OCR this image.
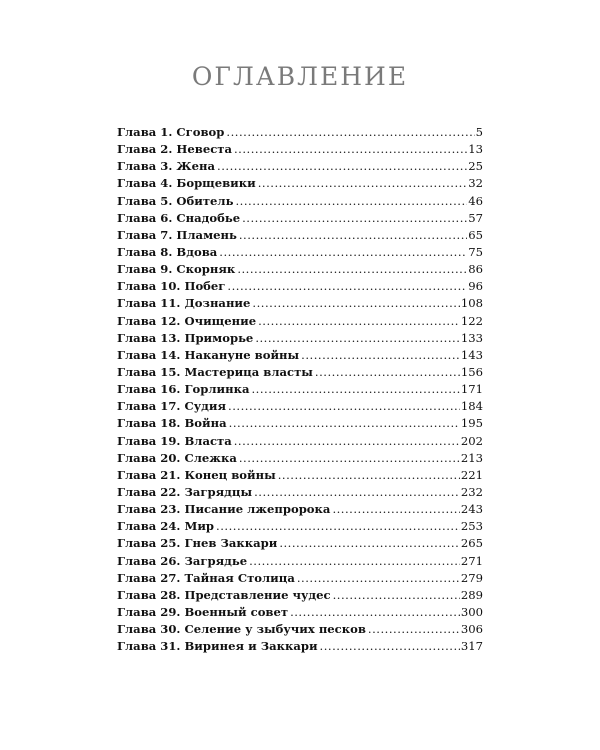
ОГЛАВЛЕНИЕ
Глава 1. Сговор .....	5
Глава 2. Невеста .....	13
Глава 3. Жена .....	25
Глава 4. Борщевики .....	32
Глава 5. Обитель .....	46
Глава 6. Снадобье .....	57
Глава 7. Пламень .....	65
Глава 8. Вдова .....	75
Глава 9. Скорняк .....	86
Глава 10. Побег .....	96
Глава 11. Дознание .....	108
Глава 12. Очищение .....	122
Глава 13. Приморье .....	133
Глава 14. Накануне войны .....	143
Глава 15. Мастерица власты .....	156
Глава 16. Горлинка .....	171
Глава 17. Судия .....	184
Глава 18. Война .....	195
Глава 19. Власта .....	202
Глава 20. Слежка .....	213
Глава 21. Конец войны .....	221
Глава 22. Загрядцы .....	232
Глава 23. Писание лжепророка .....	243
Глава 24. Мир .....	253
Глава 25. Гнев Заккари .....	265
Глава 26. Загрядье .....	271
Глава 27. Тайная Столица .....	279
Глава 28. Представление чудес .....	289
Глава 29. Военный совет .....	300
Глава 30. Селение у зыбучих песков .....	306
Глава 31. Виринея и Заккари .....	317
